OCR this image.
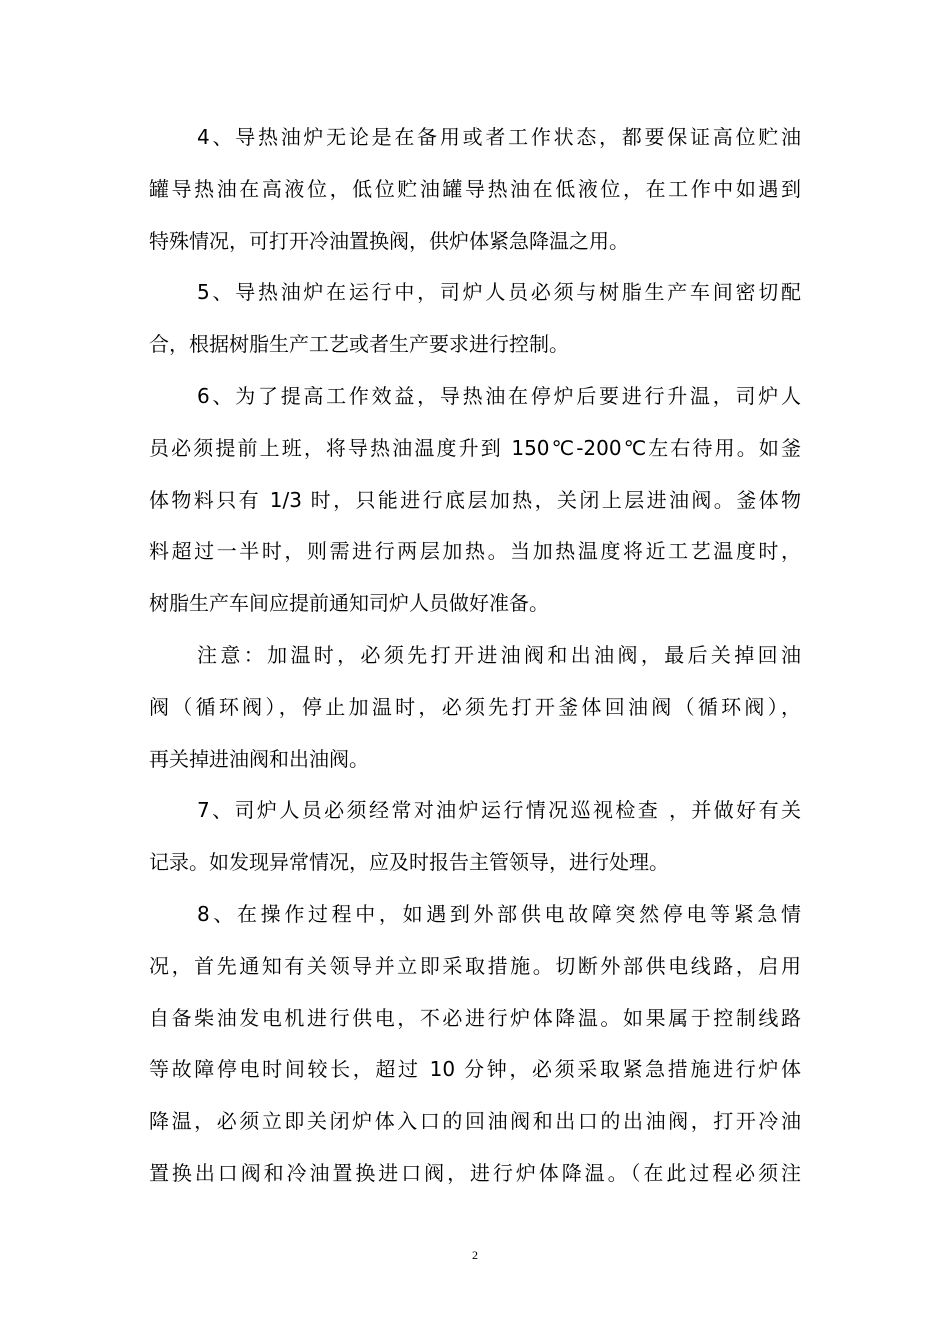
4、导热油炉无论是在备用或者工作状态，都要保证高位贮油
罐导热油在高液位，低位贮油罐导热油在低液位，在工作中如遇到
特殊情况，可打开冷油置换阀，供炉体紧急降温之用。
5、导热油炉在运行中，司炉人员必须与树脂生产车间密切配
合，根据树脂生产工艺或者生产要求进行控制。
6、为了提高工作效益，导热油在停炉后要进行升温，司炉人
员必须提前上班，将导热油温度升到 150℃-200℃左右待用。如釜
体物料只有 1/3 时，只能进行底层加热，关闭上层进油阀。釜体物
料超过一半时，则需进行两层加热。当加热温度将近工艺温度时，
树脂生产车间应提前通知司炉人员做好准备。
注意：加温时，必须先打开进油阀和出油阀，最后关掉回油
阀（循环阀），停止加温时，必须先打开釜体回油阀（循环阀），
再关掉进油阀和出油阀。
7、司炉人员必须经常对油炉运行情况巡视检查 ，并做好有关
记录。如发现异常情况，应及时报告主管领导，进行处理。
8、在操作过程中，如遇到外部供电故障突然停电等紧急情
况，首先通知有关领导并立即采取措施。切断外部供电线路，启用
自备柴油发电机进行供电，不必进行炉体降温。如果属于控制线路
等故障停电时间较长，超过 10 分钟，必须采取紧急措施进行炉体
降温，必须立即关闭炉体入口的回油阀和出口的出油阀，打开冷油
置换出口阀和冷油置换进口阀，进行炉体降温。（在此过程必须注
2
